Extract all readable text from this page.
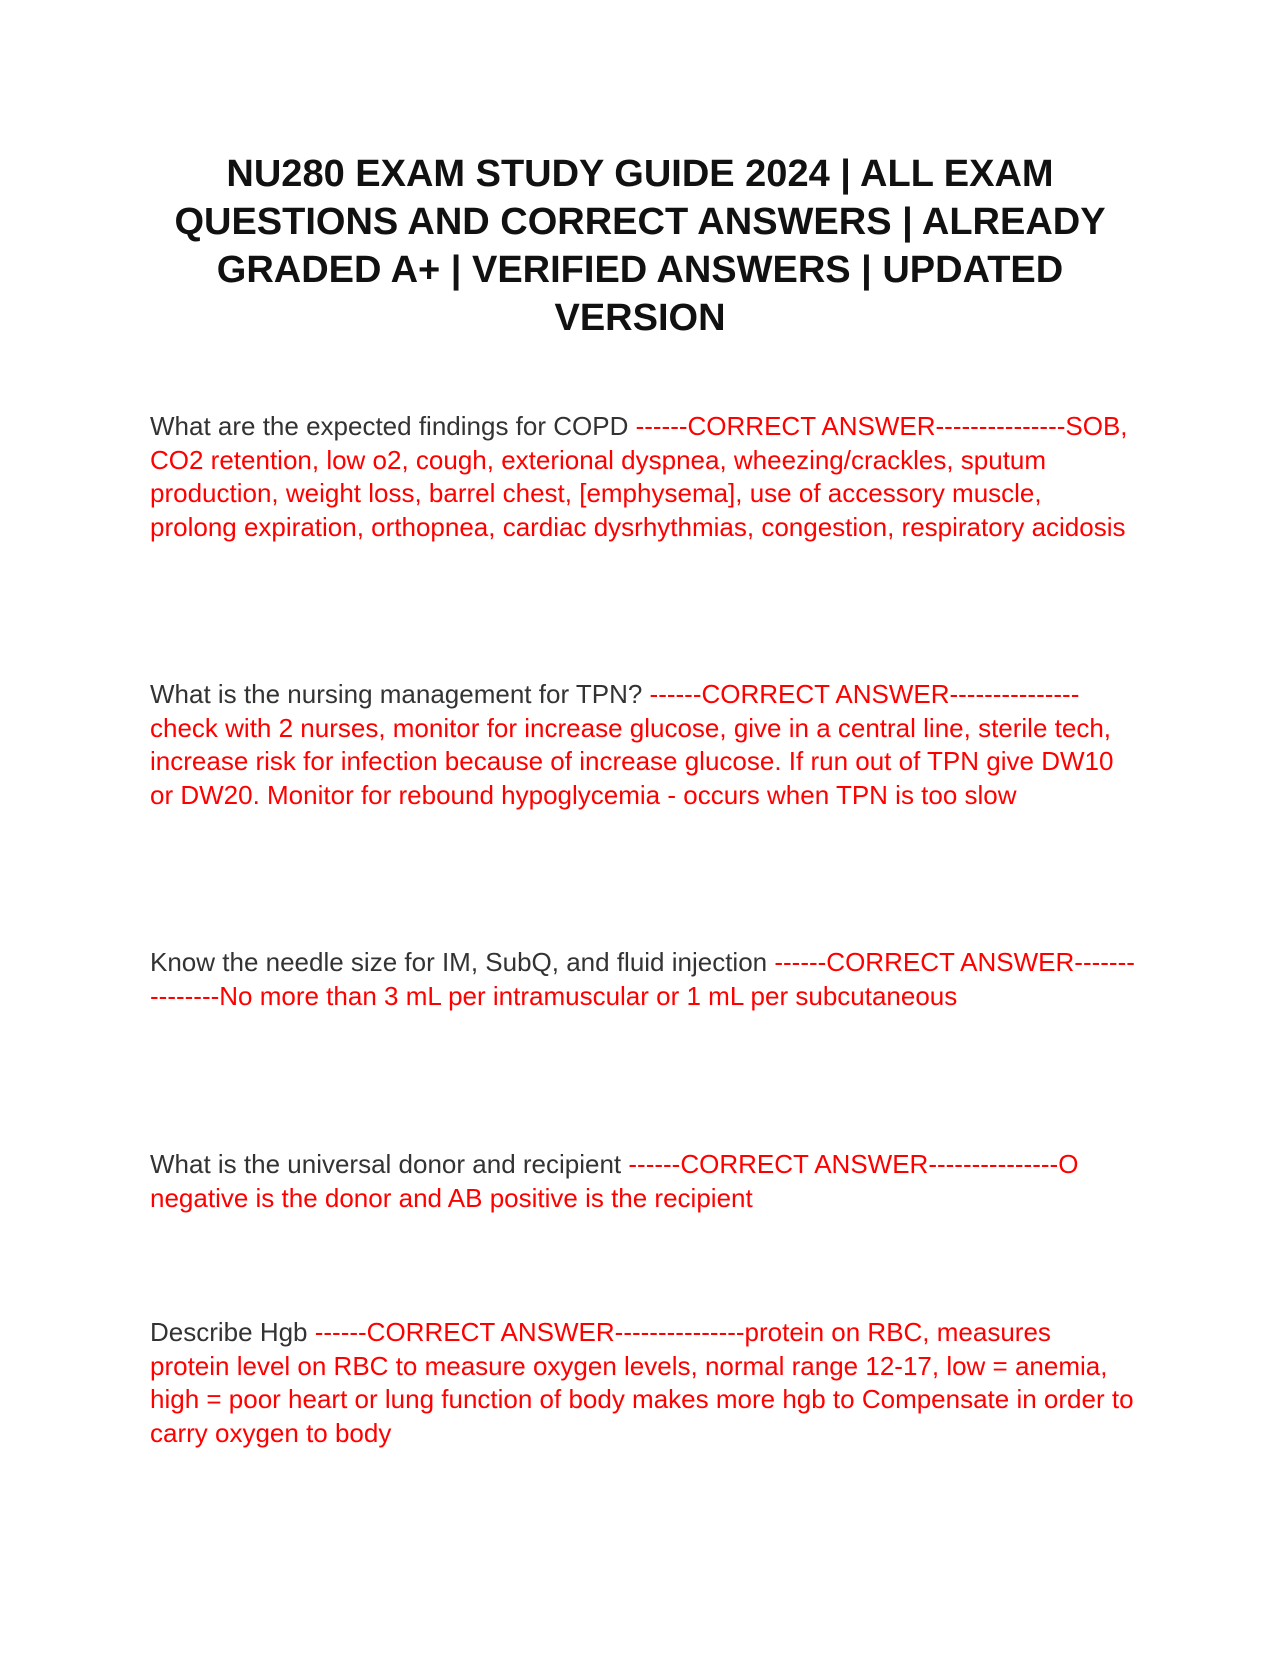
NU280 EXAM STUDY GUIDE 2024 | ALL EXAM QUESTIONS AND CORRECT ANSWERS | ALREADY GRADED A+ | VERIFIED ANSWERS | UPDATED VERSION

What are the expected findings for COPD ------CORRECT ANSWER---------------SOB, CO2 retention, low o2, cough, exterional dyspnea, wheezing/crackles, sputum production, weight loss, barrel chest, [emphysema], use of accessory muscle, prolong expiration, orthopnea, cardiac dysrhythmias, congestion, respiratory acidosis

What is the nursing management for TPN? ------CORRECT ANSWER---------------check with 2 nurses, monitor for increase glucose, give in a central line, sterile tech, increase risk for infection because of increase glucose. If run out of TPN give DW10 or DW20. Monitor for rebound hypoglycemia - occurs when TPN is too slow

Know the needle size for IM, SubQ, and fluid injection ------CORRECT ANSWER---------------No more than 3 mL per intramuscular or 1 mL per subcutaneous

What is the universal donor and recipient ------CORRECT ANSWER---------------O negative is the donor and AB positive is the recipient

Describe Hgb ------CORRECT ANSWER---------------protein on RBC, measures protein level on RBC to measure oxygen levels, normal range 12-17, low = anemia, high = poor heart or lung function of body makes more hgb to Compensate in order to carry oxygen to body
